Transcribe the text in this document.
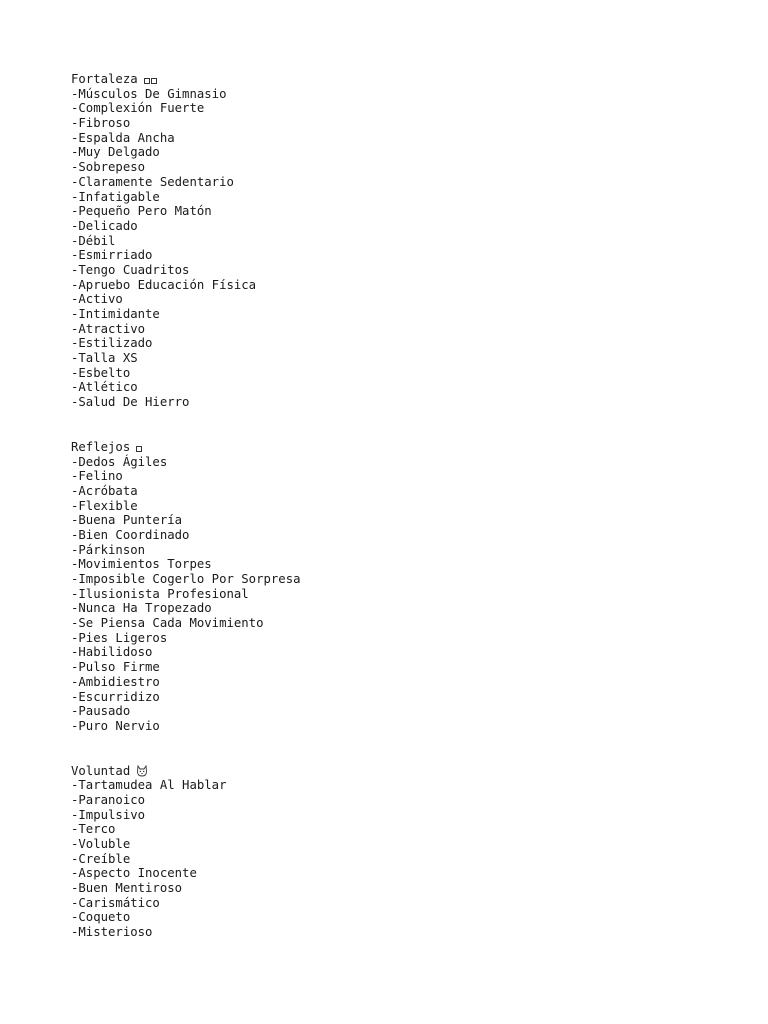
Fortaleza
-Músculos De Gimnasio
-Complexión Fuerte
-Fibroso
-Espalda Ancha
-Muy Delgado
-Sobrepeso
-Claramente Sedentario
-Infatigable
-Pequeño Pero Matón
-Delicado
-Débil
-Esmirriado
-Tengo Cuadritos
-Apruebo Educación Física
-Activo
-Intimidante
-Atractivo
-Estilizado
-Talla XS
-Esbelto
-Atlético
-Salud De Hierro
Reflejos
-Dedos Ágiles
-Felino
-Acróbata
-Flexible
-Buena Puntería
-Bien Coordinado
-Párkinson
-Movimientos Torpes
-Imposible Cogerlo Por Sorpresa
-Ilusionista Profesional
-Nunca Ha Tropezado
-Se Piensa Cada Movimiento
-Pies Ligeros
-Habilidoso
-Pulso Firme
-Ambidiestro
-Escurridizo
-Pausado
-Puro Nervio
Voluntad
-Tartamudea Al Hablar
-Paranoico
-Impulsivo
-Terco
-Voluble
-Creíble
-Aspecto Inocente
-Buen Mentiroso
-Carismático
-Coqueto
-Misterioso
